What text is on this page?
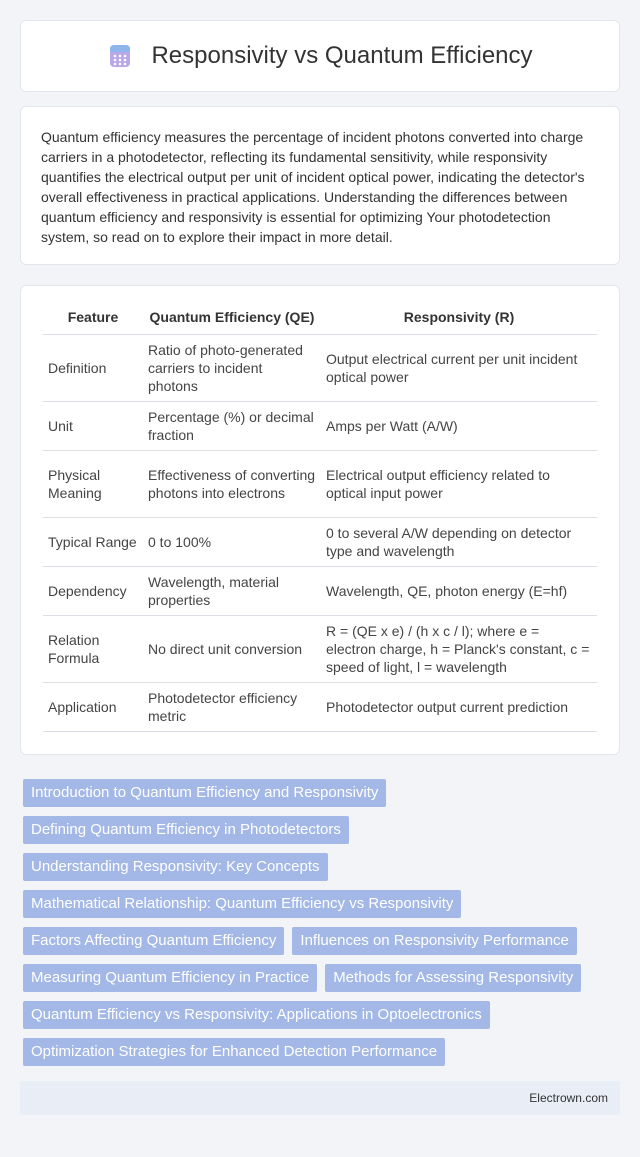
Responsivity vs Quantum Efficiency
Quantum efficiency measures the percentage of incident photons converted into charge carriers in a photodetector, reflecting its fundamental sensitivity, while responsivity quantifies the electrical output per unit of incident optical power, indicating the detector's overall effectiveness in practical applications. Understanding the differences between quantum efficiency and responsivity is essential for optimizing Your photodetection system, so read on to explore their impact in more detail.
Feature	Quantum Efficiency (QE)	Responsivity (R)
Definition	Ratio of photo-generated carriers to incident photons	Output electrical current per unit incident optical power
Unit	Percentage (%) or decimal fraction	Amps per Watt (A/W)
Physical Meaning	Effectiveness of converting photons into electrons	Electrical output efficiency related to optical input power
Typical Range	0 to 100%	0 to several A/W depending on detector type and wavelength
Dependency	Wavelength, material properties	Wavelength, QE, photon energy (E=hf)
Relation Formula	No direct unit conversion	R = (QE x e) / (h x c / l); where e = electron charge, h = Planck's constant, c = speed of light, l = wavelength
Application	Photodetector efficiency metric	Photodetector output current prediction
Introduction to Quantum Efficiency and Responsivity
Defining Quantum Efficiency in Photodetectors
Understanding Responsivity: Key Concepts
Mathematical Relationship: Quantum Efficiency vs Responsivity
Factors Affecting Quantum Efficiency	Influences on Responsivity Performance
Measuring Quantum Efficiency in Practice	Methods for Assessing Responsivity
Quantum Efficiency vs Responsivity: Applications in Optoelectronics
Optimization Strategies for Enhanced Detection Performance
Electrown.com
